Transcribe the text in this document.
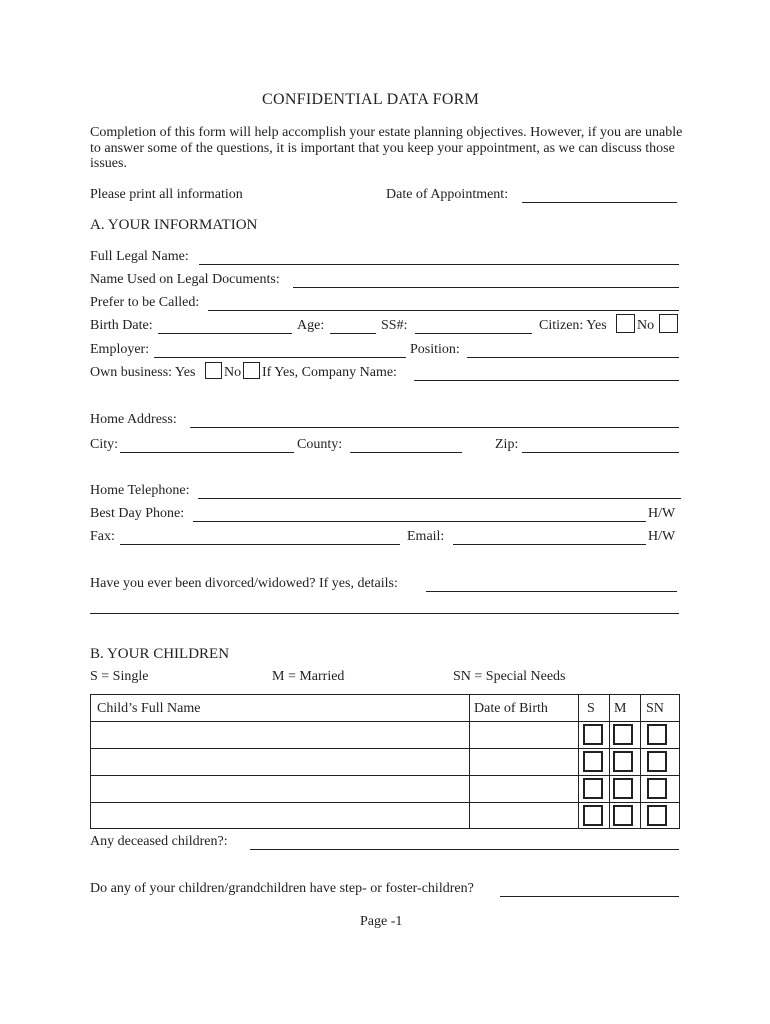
CONFIDENTIAL DATA FORM
Completion of this form will help accomplish your estate planning objectives. However, if you are unable to answer some of the questions, it is important that you keep your appointment, as we can discuss those issues.
Please print all information	Date of Appointment:
A. YOUR INFORMATION
Full Legal Name:
Name Used on Legal Documents:
Prefer to be Called:
Birth Date:	Age:	SS#:	Citizen: Yes No
Employer:	Position:
Own business: Yes No If Yes, Company Name:
Home Address:
City:	County:	Zip:
Home Telephone:
Best Day Phone:	H/W
Fax:	Email:	H/W
Have you ever been divorced/widowed? If yes, details:
B. YOUR CHILDREN
S = Single	M = Married	SN = Special Needs
Child’s Full Name	Date of Birth	S M SN
Any deceased children?:
Do any of your children/grandchildren have step- or foster-children?
Page -1
